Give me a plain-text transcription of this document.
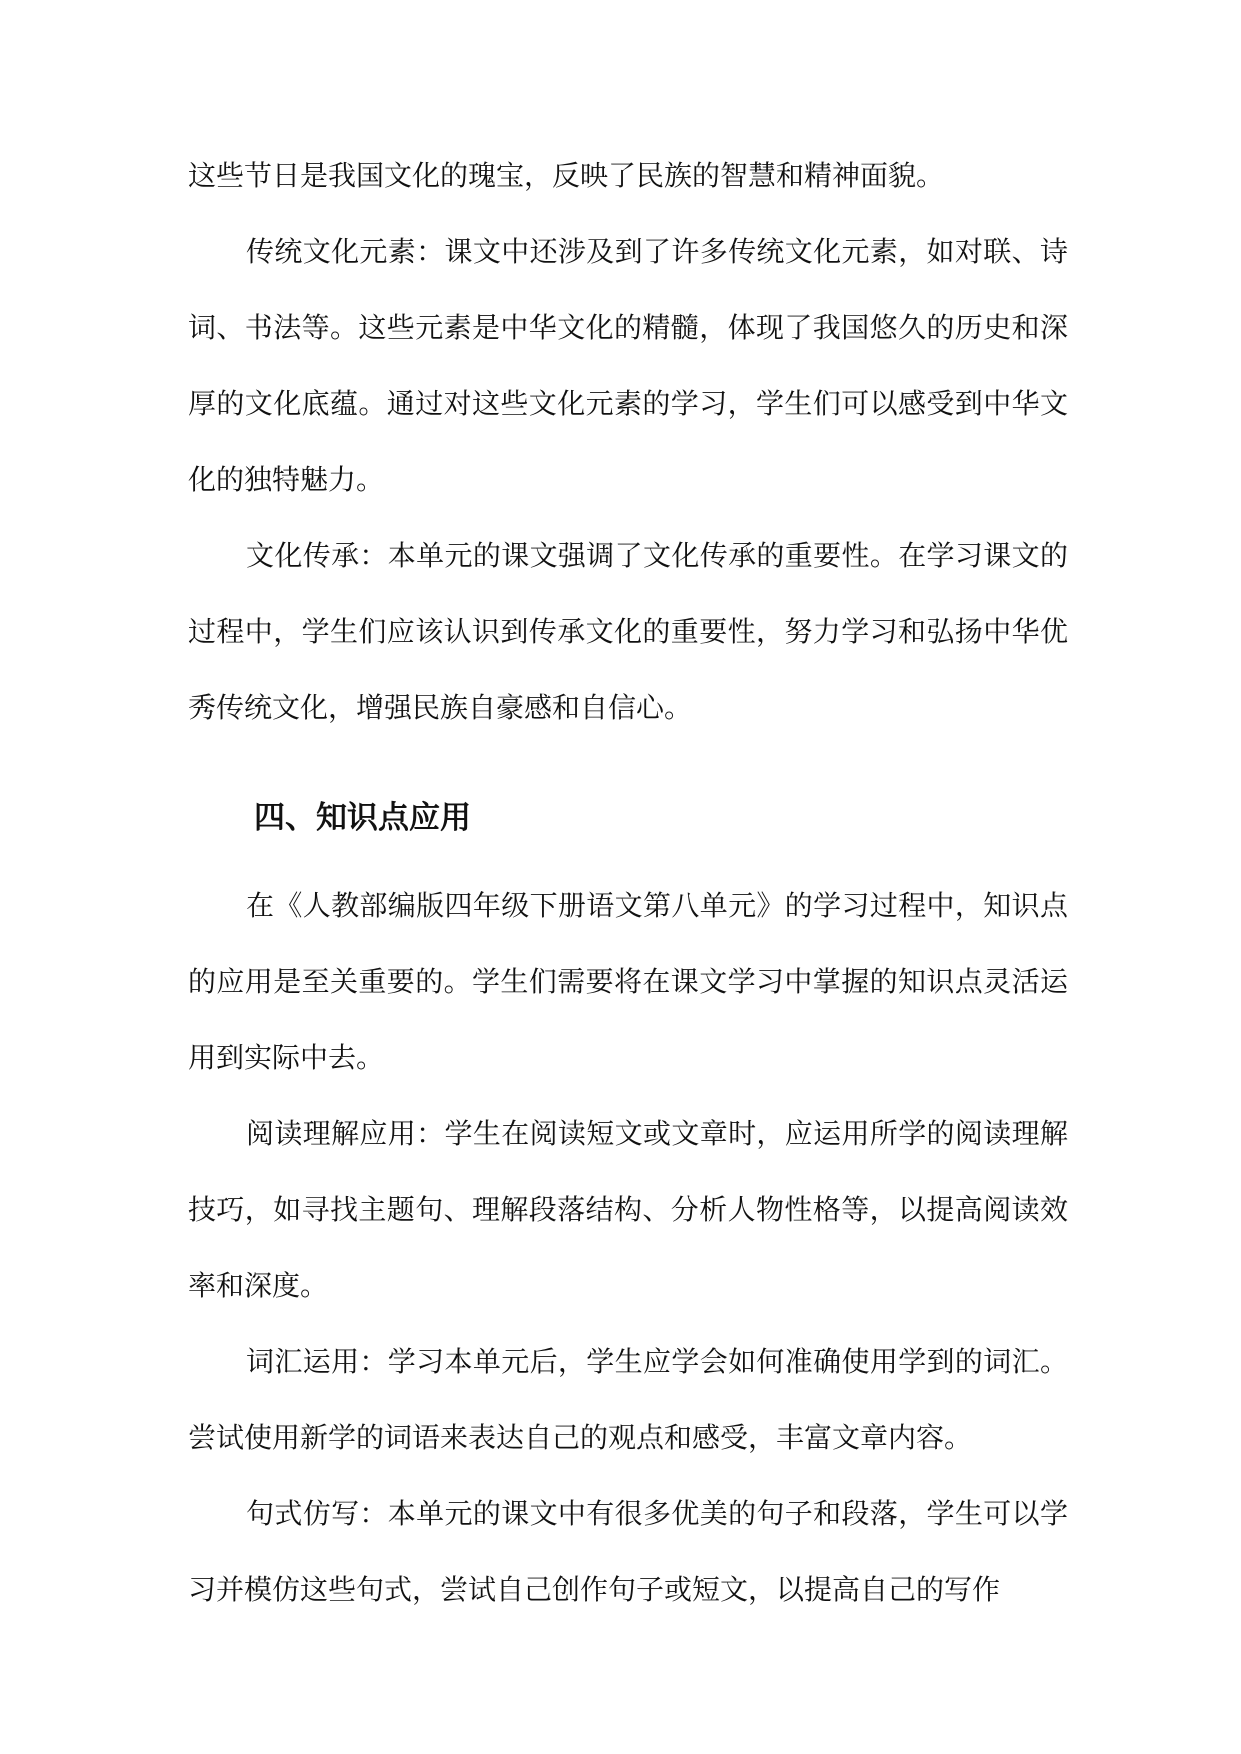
这些节日是我国文化的瑰宝，反映了民族的智慧和精神面貌。

传统文化元素：课文中还涉及到了许多传统文化元素，如对联、诗词、书法等。这些元素是中华文化的精髓，体现了我国悠久的历史和深厚的文化底蕴。通过对这些文化元素的学习，学生们可以感受到中华文化的独特魅力。

文化传承：本单元的课文强调了文化传承的重要性。在学习课文的过程中，学生们应该认识到传承文化的重要性，努力学习和弘扬中华优秀传统文化，增强民族自豪感和自信心。

四、知识点应用

在《人教部编版四年级下册语文第八单元》的学习过程中，知识点的应用是至关重要的。学生们需要将在课文学习中掌握的知识点灵活运用到实际中去。

阅读理解应用：学生在阅读短文或文章时，应运用所学的阅读理解技巧，如寻找主题句、理解段落结构、分析人物性格等，以提高阅读效率和深度。

词汇运用：学习本单元后，学生应学会如何准确使用学到的词汇。尝试使用新学的词语来表达自己的观点和感受，丰富文章内容。

句式仿写：本单元的课文中有很多优美的句子和段落，学生可以学习并模仿这些句式，尝试自己创作句子或短文，以提高自己的写作
